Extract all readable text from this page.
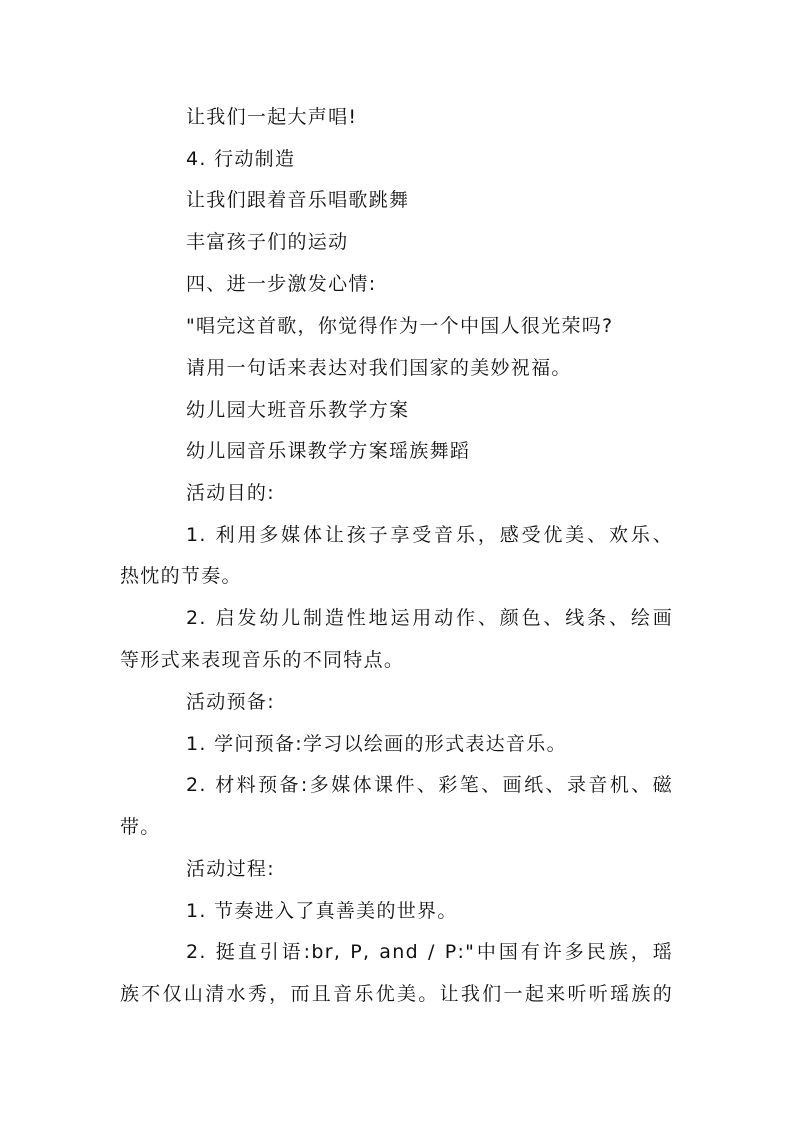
让我们一起大声唱!
4. 行动制造
让我们跟着音乐唱歌跳舞
丰富孩子们的运动
四、进一步激发心情:
"唱完这首歌，你觉得作为一个中国人很光荣吗?
请用一句话来表达对我们国家的美妙祝福。
幼儿园大班音乐教学方案
幼儿园音乐课教学方案瑶族舞蹈
活动目的:
1. 利用多媒体让孩子享受音乐，感受优美、欢乐、
热忱的节奏。
2. 启发幼儿制造性地运用动作、颜色、线条、绘画
等形式来表现音乐的不同特点。
活动预备:
1. 学问预备:学习以绘画的形式表达音乐。
2. 材料预备:多媒体课件、彩笔、画纸、录音机、磁
带。
活动过程:
1. 节奏进入了真善美的世界。
2. 挺直引语:br, P, and / P:"中国有许多民族，瑶
族不仅山清水秀，而且音乐优美。让我们一起来听听瑶族的
